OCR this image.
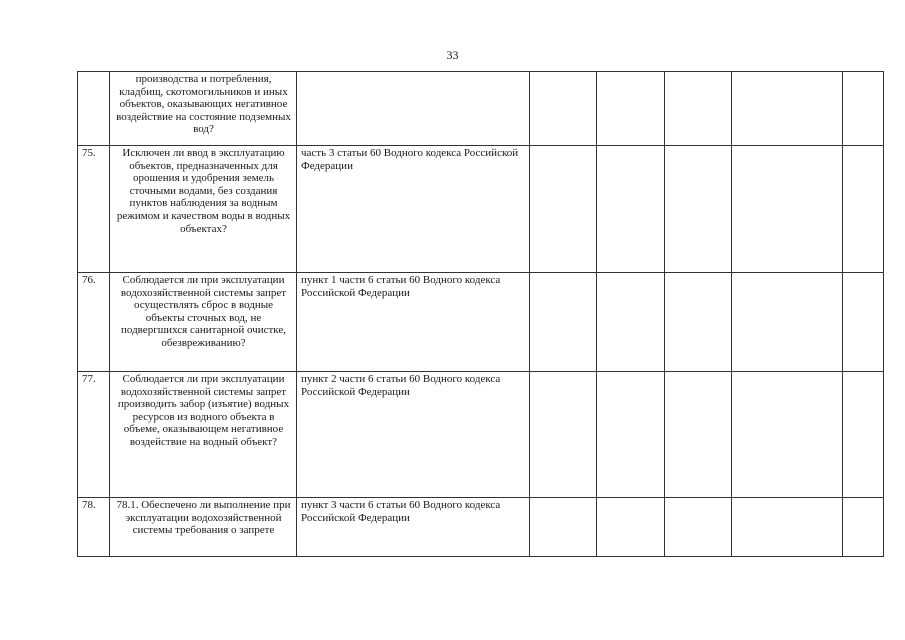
33
	производства и потребления, кладбищ, скотомогильников и иных объектов, оказывающих негативное воздействие на состояние подземных вод?						
75.	Исключен ли ввод в эксплуатацию объектов, предназначенных для орошения и удобрения земель сточными водами, без создания пунктов наблюдения за водным режимом и качеством воды в водных объектах?	часть 3 статьи 60 Водного кодекса Российской Федерации					
76.	Соблюдается ли при эксплуатации водохозяйственной системы запрет осуществлять сброс в водные объекты сточных вод, не подвергшихся санитарной очистке, обезвреживанию?	пункт 1 части 6 статьи 60 Водного кодекса Российской Федерации					
77.	Соблюдается ли при эксплуатации водохозяйственной системы запрет производить забор (изъятие) водных ресурсов из водного объекта в объеме, оказывающем негативное воздействие на водный объект?	пункт 2 части 6 статьи 60 Водного кодекса Российской Федерации					
78.	78.1. Обеспечено ли выполнение при эксплуатации водохозяйственной системы требования о запрете	пункт 3 части 6 статьи 60 Водного кодекса Российской Федерации					
